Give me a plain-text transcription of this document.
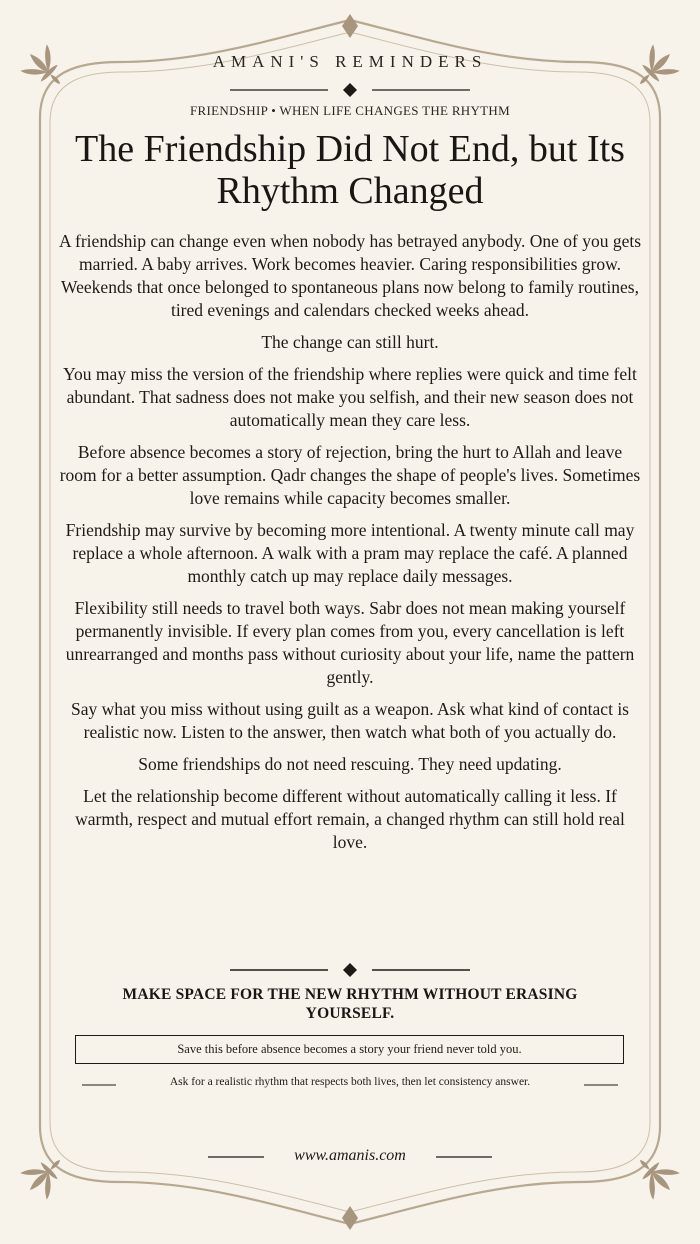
AMANI'S REMINDERS
FRIENDSHIP • WHEN LIFE CHANGES THE RHYTHM
The Friendship Did Not End, but Its Rhythm Changed

A friendship can change even when nobody has betrayed anybody. One of you gets married. A baby arrives. Work becomes heavier. Caring responsibilities grow. Weekends that once belonged to spontaneous plans now belong to family routines, tired evenings and calendars checked weeks ahead.

The change can still hurt.

You may miss the version of the friendship where replies were quick and time felt abundant. That sadness does not make you selfish, and their new season does not automatically mean they care less.

Before absence becomes a story of rejection, bring the hurt to Allah and leave room for a better assumption. Qadr changes the shape of people's lives. Sometimes love remains while capacity becomes smaller.

Friendship may survive by becoming more intentional. A twenty minute call may replace a whole afternoon. A walk with a pram may replace the café. A planned monthly catch up may replace daily messages.

Flexibility still needs to travel both ways. Sabr does not mean making yourself permanently invisible. If every plan comes from you, every cancellation is left unrearranged and months pass without curiosity about your life, name the pattern gently.

Say what you miss without using guilt as a weapon. Ask what kind of contact is realistic now. Listen to the answer, then watch what both of you actually do.

Some friendships do not need rescuing. They need updating.

Let the relationship become different without automatically calling it less. If warmth, respect and mutual effort remain, a changed rhythm can still hold real love.

MAKE SPACE FOR THE NEW RHYTHM WITHOUT ERASING YOURSELF.
Save this before absence becomes a story your friend never told you.
Ask for a realistic rhythm that respects both lives, then let consistency answer.
www.amanis.com
